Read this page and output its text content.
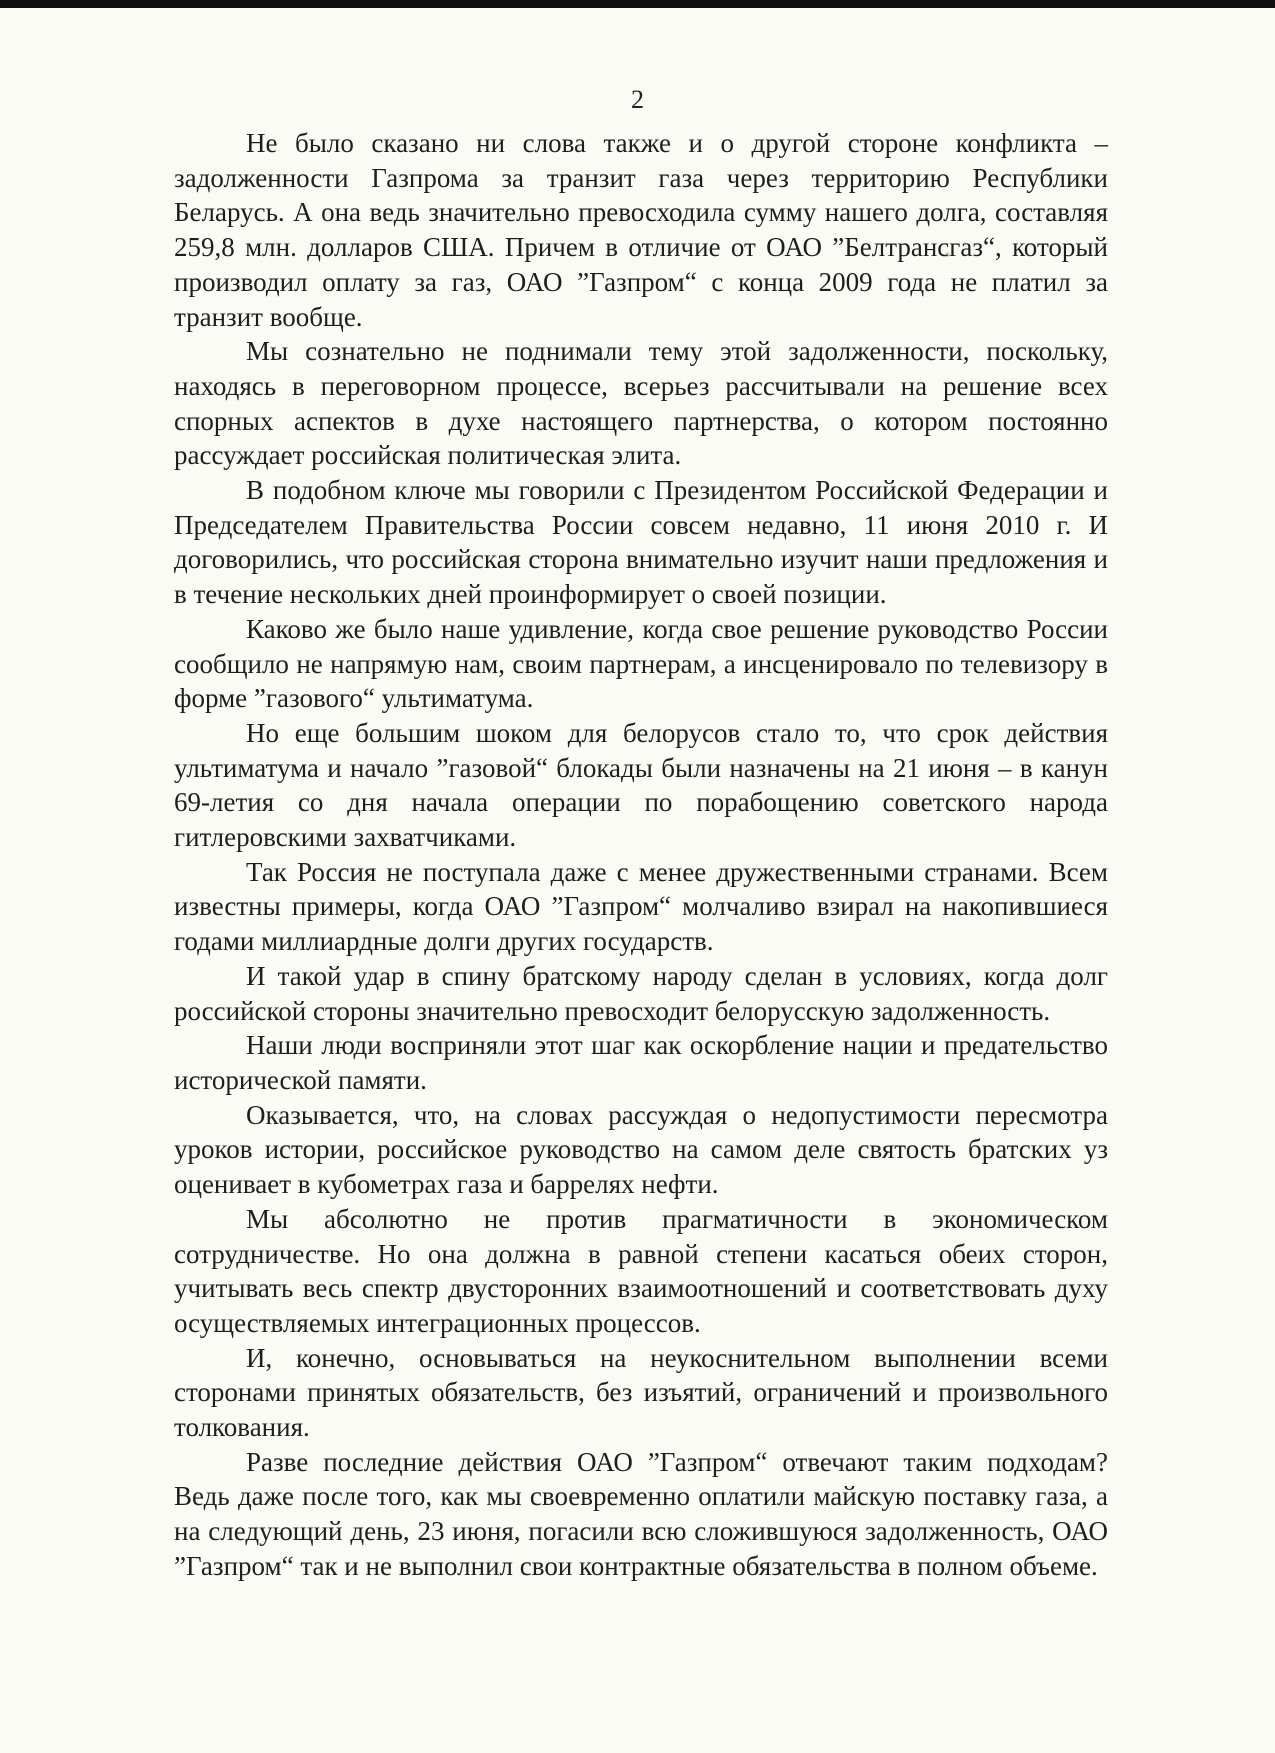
2

Не было сказано ни слова также и о другой стороне конфликта – задолженности Газпрома за транзит газа через территорию Республики Беларусь. А она ведь значительно превосходила сумму нашего долга, составляя 259,8 млн. долларов США. Причем в отличие от ОАО ”Белтрансгаз“, который производил оплату за газ, ОАО ”Газпром“ с конца 2009 года не платил за транзит вообще.

Мы сознательно не поднимали тему этой задолженности, поскольку, находясь в переговорном процессе, всерьез рассчитывали на решение всех спорных аспектов в духе настоящего партнерства, о котором постоянно рассуждает российская политическая элита.

В подобном ключе мы говорили с Президентом Российской Федерации и Председателем Правительства России совсем недавно, 11 июня 2010 г. И договорились, что российская сторона внимательно изучит наши предложения и в течение нескольких дней проинформирует о своей позиции.

Каково же было наше удивление, когда свое решение руководство России сообщило не напрямую нам, своим партнерам, а инсценировало по телевизору в форме ”газового“ ультиматума.

Но еще большим шоком для белорусов стало то, что срок действия ультиматума и начало ”газовой“ блокады были назначены на 21 июня – в канун 69-летия со дня начала операции по порабощению советского народа гитлеровскими захватчиками.

Так Россия не поступала даже с менее дружественными странами. Всем известны примеры, когда ОАО ”Газпром“ молчаливо взирал на накопившиеся годами миллиардные долги других государств.

И такой удар в спину братскому народу сделан в условиях, когда долг российской стороны значительно превосходит белорусскую задолженность.

Наши люди восприняли этот шаг как оскорбление нации и предательство исторической памяти.

Оказывается, что, на словах рассуждая о недопустимости пересмотра уроков истории, российское руководство на самом деле святость братских уз оценивает в кубометрах газа и баррелях нефти.

Мы абсолютно не против прагматичности в экономическом сотрудничестве. Но она должна в равной степени касаться обеих сторон, учитывать весь спектр двусторонних взаимоотношений и соответствовать духу осуществляемых интеграционных процессов.

И, конечно, основываться на неукоснительном выполнении всеми сторонами принятых обязательств, без изъятий, ограничений и произвольного толкования.

Разве последние действия ОАО ”Газпром“ отвечают таким подходам? Ведь даже после того, как мы своевременно оплатили майскую поставку газа, а на следующий день, 23 июня, погасили всю сложившуюся задолженность, ОАО ”Газпром“ так и не выполнил свои контрактные обязательства в полном объеме.
